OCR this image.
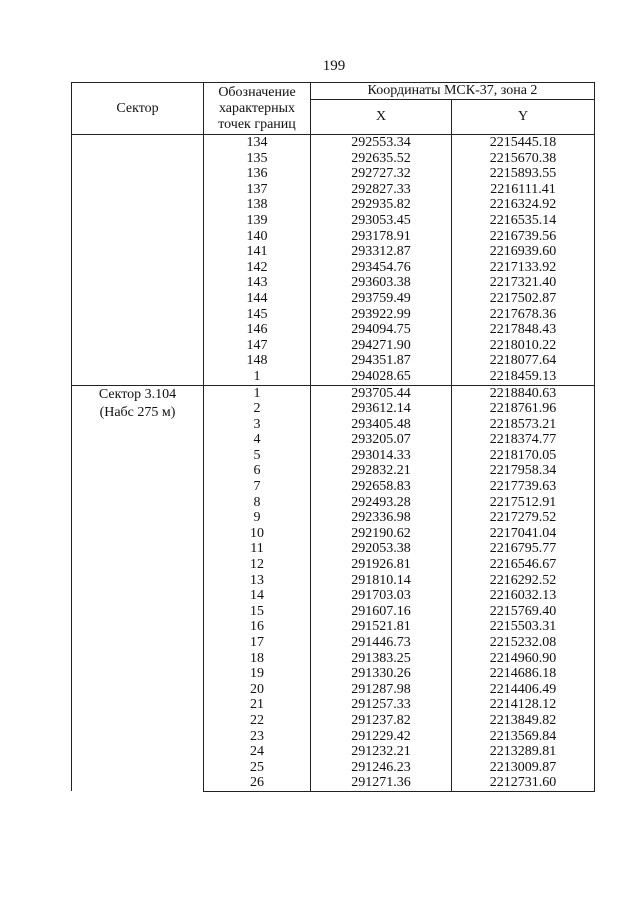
199
Сектор	Обозначение характерных точек границ	Координаты МСК-37, зона 2	
		X	Y
	134	292553.34	2215445.18
	135	292635.52	2215670.38
	136	292727.32	2215893.55
	137	292827.33	2216111.41
	138	292935.82	2216324.92
	139	293053.45	2216535.14
	140	293178.91	2216739.56
	141	293312.87	2216939.60
	142	293454.76	2217133.92
	143	293603.38	2217321.40
	144	293759.49	2217502.87
	145	293922.99	2217678.36
	146	294094.75	2217848.43
	147	294271.90	2218010.22
	148	294351.87	2218077.64
	1	294028.65	2218459.13

Сектор 3.104
(Набс 275 м)	1	293705.44	2218840.63
	2	293612.14	2218761.96
	3	293405.48	2218573.21
	4	293205.07	2218374.77
	5	293014.33	2218170.05
	6	292832.21	2217958.34
	7	292658.83	2217739.63
	8	292493.28	2217512.91
	9	292336.98	2217279.52
	10	292190.62	2217041.04
	11	292053.38	2216795.77
	12	291926.81	2216546.67
	13	291810.14	2216292.52
	14	291703.03	2216032.13
	15	291607.16	2215769.40
	16	291521.81	2215503.31
	17	291446.73	2215232.08
	18	291383.25	2214960.90
	19	291330.26	2214686.18
	20	291287.98	2214406.49
	21	291257.33	2214128.12
	22	291237.82	2213849.82
	23	291229.42	2213569.84
	24	291232.21	2213289.81
	25	291246.23	2213009.87
	26	291271.36	2212731.60
